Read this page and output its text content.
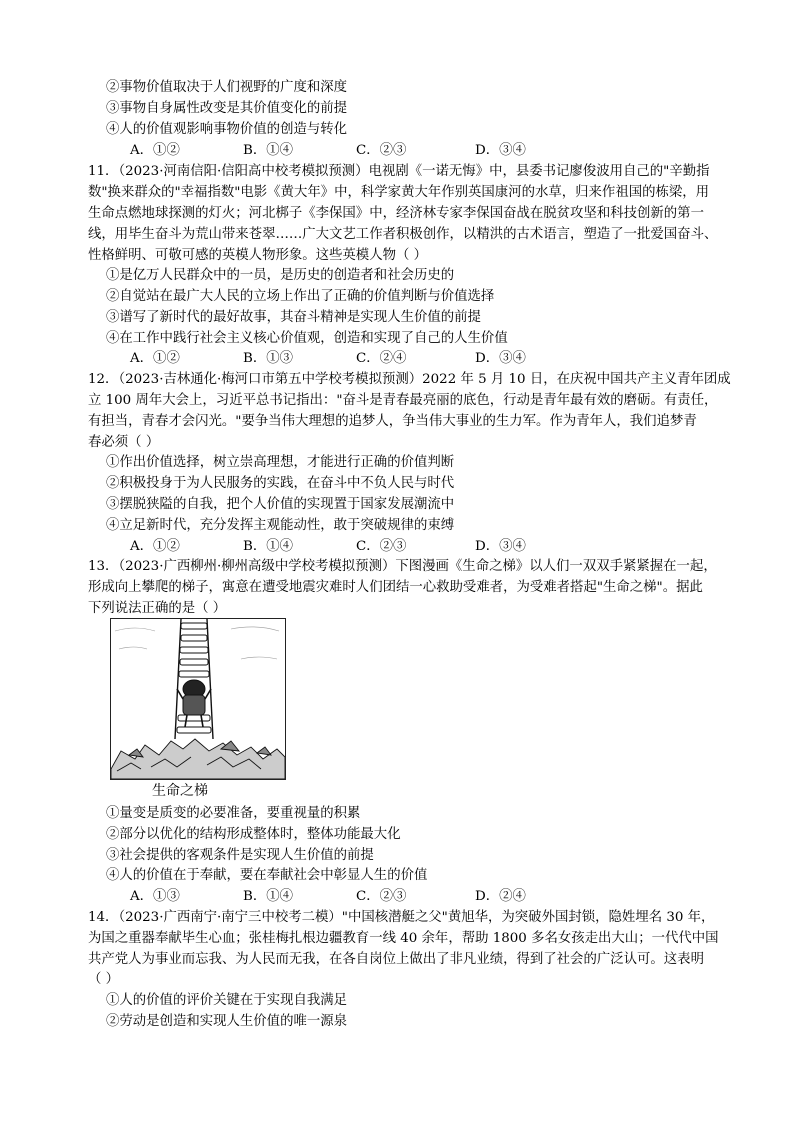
②事物价值取决于人们视野的广度和深度
③事物自身属性改变是其价值变化的前提
④人的价值观影响事物价值的创造与转化
A．①②	B．①④	C．②③	D．③④
11．（2023·河南信阳·信阳高中校考模拟预测）电视剧《一诺无悔》中，县委书记廖俊波用自己的"辛勤指
数"换来群众的"幸福指数"电影《黄大年》中，科学家黄大年作别英国康河的水草，归来作祖国的栋梁，用
生命点燃地球探测的灯火；河北梆子《李保国》中，经济林专家李保国奋战在脱贫攻坚和科技创新的第一
线，用毕生奋斗为荒山带来苍翠……广大文艺工作者积极创作，以精洪的古术语言，塑造了一批爱国奋斗、
性格鲜明、可敬可感的英模人物形象。这些英模人物（ ）
①是亿万人民群众中的一员，是历史的创造者和社会历史的
②自觉站在最广大人民的立场上作出了正确的价值判断与价值选择
③谱写了新时代的最好故事，其奋斗精神是实现人生价值的前提
④在工作中践行社会主义核心价值观，创造和实现了自己的人生价值
A．①②	B．①③	C．②④	D．③④
12．（2023·吉林通化·梅河口市第五中学校考模拟预测）2022 年 5 月 10 日，在庆祝中国共产主义青年团成
立 100 周年大会上，习近平总书记指出："奋斗是青春最亮丽的底色，行动是青年最有效的磨砺。有责任，
有担当，青春才会闪光。"要争当伟大理想的追梦人，争当伟大事业的生力军。作为青年人，我们追梦青
春必须（ ）
①作出价值选择，树立崇高理想，才能进行正确的价值判断
②积极投身于为人民服务的实践，在奋斗中不负人民与时代
③摆脱狭隘的自我，把个人价值的实现置于国家发展潮流中
④立足新时代，充分发挥主观能动性，敢于突破规律的束缚
A．①②	B．①④	C．②③	D．③④
13．（2023·广西柳州·柳州高级中学校考模拟预测）下图漫画《生命之梯》以人们一双双手紧紧握在一起，
形成向上攀爬的梯子，寓意在遭受地震灾难时人们团结一心救助受难者，为受难者搭起"生命之梯"。据此
下列说法正确的是（ ）
生命之梯
①量变是质变的必要准备，要重视量的积累
②部分以优化的结构形成整体时，整体功能最大化
③社会提供的客观条件是实现人生价值的前提
④人的价值在于奉献，要在奉献社会中彰显人生的价值
A．①③	B．①④	C．②③	D．②④
14．（2023·广西南宁·南宁三中校考二模）"中国核潜艇之父"黄旭华，为突破外国封锁，隐姓埋名 30 年，
为国之重器奉献毕生心血；张桂梅扎根边疆教育一线 40 余年，帮助 1800 多名女孩走出大山；一代代中国
共产党人为事业而忘我、为人民而无我，在各自岗位上做出了非凡业绩，得到了社会的广泛认可。这表明
（ ）
①人的价值的评价关键在于实现自我满足
②劳动是创造和实现人生价值的唯一源泉
